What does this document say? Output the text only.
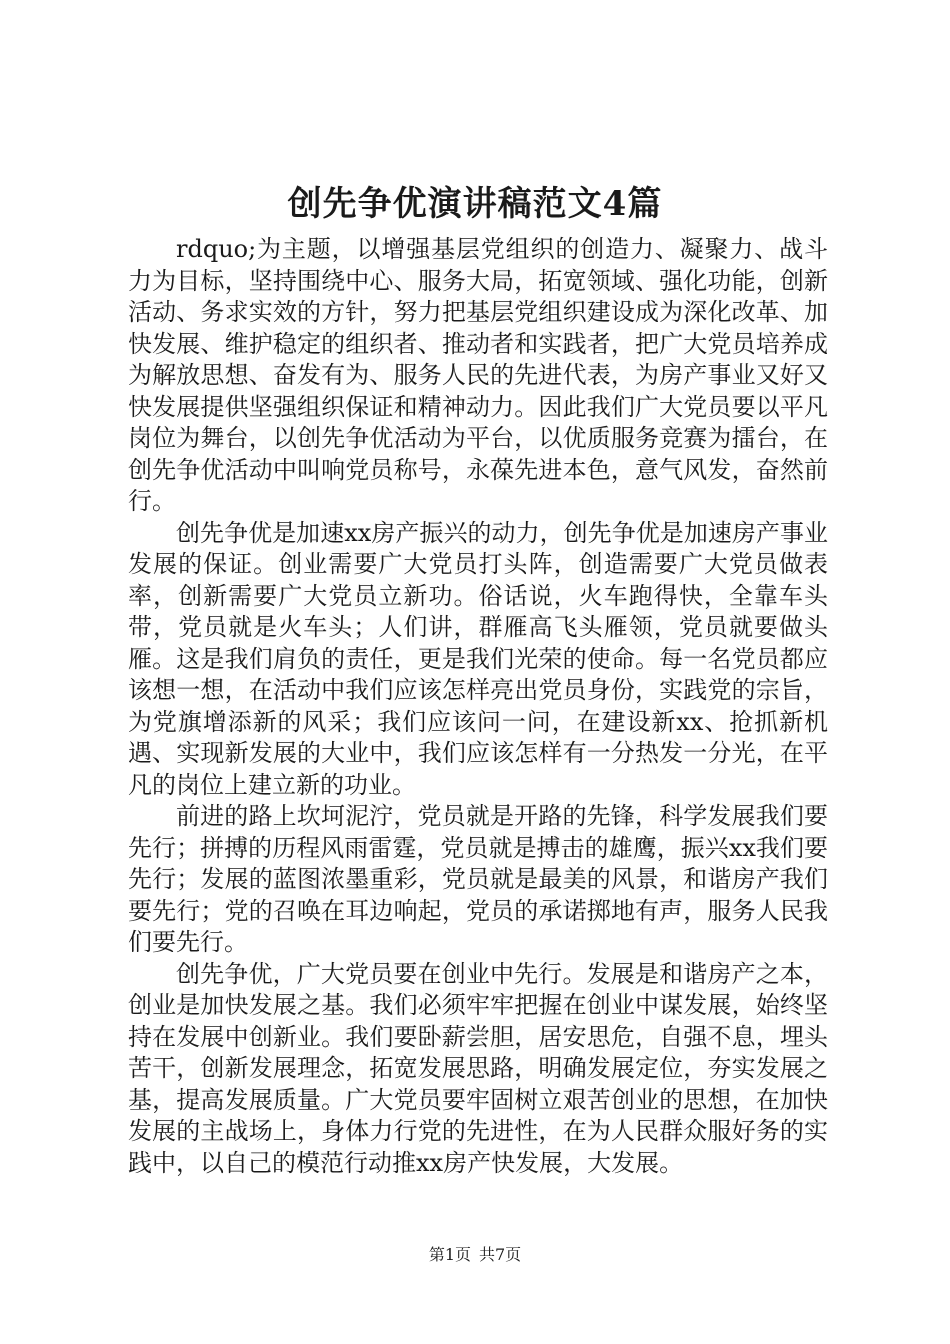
创先争优演讲稿范文4篇

rdquo;为主题，以增强基层党组织的创造力、凝聚力、战斗力为目标，坚持围绕中心、服务大局，拓宽领域、强化功能，创新活动、务求实效的方针，努力把基层党组织建设成为深化改革、加快发展、维护稳定的组织者、推动者和实践者，把广大党员培养成为解放思想、奋发有为、服务人民的先进代表，为房产事业又好又快发展提供坚强组织保证和精神动力。因此我们广大党员要以平凡岗位为舞台，以创先争优活动为平台，以优质服务竞赛为擂台，在创先争优活动中叫响党员称号，永葆先进本色，意气风发，奋然前行。

创先争优是加速xx房产振兴的动力，创先争优是加速房产事业发展的保证。创业需要广大党员打头阵，创造需要广大党员做表率，创新需要广大党员立新功。俗话说，火车跑得快，全靠车头带，党员就是火车头；人们讲，群雁高飞头雁领，党员就要做头雁。这是我们肩负的责任，更是我们光荣的使命。每一名党员都应该想一想，在活动中我们应该怎样亮出党员身份，实践党的宗旨，为党旗增添新的风采；我们应该问一问，在建设新xx、抢抓新机遇、实现新发展的大业中，我们应该怎样有一分热发一分光，在平凡的岗位上建立新的功业。

前进的路上坎坷泥泞，党员就是开路的先锋，科学发展我们要先行；拼搏的历程风雨雷霆，党员就是搏击的雄鹰，振兴xx我们要先行；发展的蓝图浓墨重彩，党员就是最美的风景，和谐房产我们要先行；党的召唤在耳边响起，党员的承诺掷地有声，服务人民我们要先行。

创先争优，广大党员要在创业中先行。发展是和谐房产之本，创业是加快发展之基。我们必须牢牢把握在创业中谋发展，始终坚持在发展中创新业。我们要卧薪尝胆，居安思危，自强不息，埋头苦干，创新发展理念，拓宽发展思路，明确发展定位，夯实发展之基，提高发展质量。广大党员要牢固树立艰苦创业的思想，在加快发展的主战场上，身体力行党的先进性，在为人民群众服好务的实践中，以自己的模范行动推xx房产快发展，大发展。

第1页 共7页
